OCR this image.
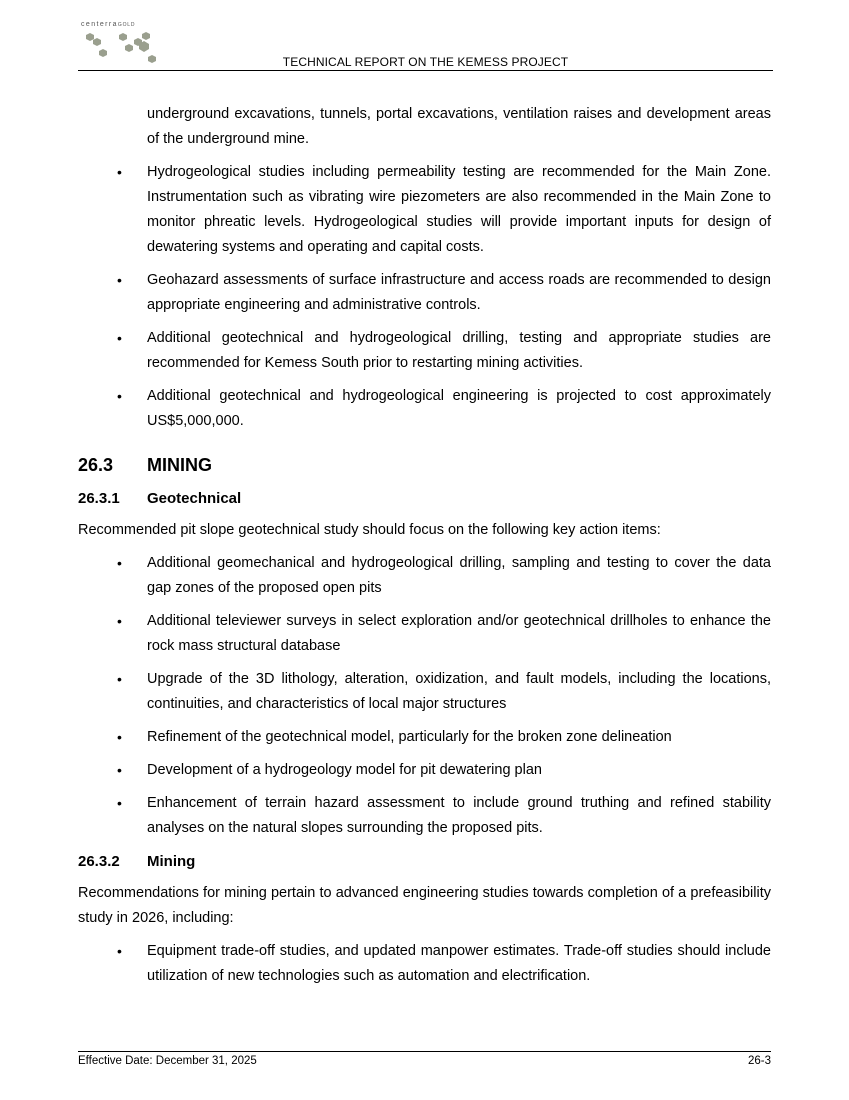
centerraGOLD
TECHNICAL REPORT ON THE KEMESS PROJECT

underground excavations, tunnels, portal excavations, ventilation raises and development areas of the underground mine.

• Hydrogeological studies including permeability testing are recommended for the Main Zone. Instrumentation such as vibrating wire piezometers are also recommended in the Main Zone to monitor phreatic levels. Hydrogeological studies will provide important inputs for design of dewatering systems and operating and capital costs.
• Geohazard assessments of surface infrastructure and access roads are recommended to design appropriate engineering and administrative controls.
• Additional geotechnical and hydrogeological drilling, testing and appropriate studies are recommended for Kemess South prior to restarting mining activities.
• Additional geotechnical and hydrogeological engineering is projected to cost approximately US$5,000,000.
26.3 MINING
26.3.1 Geotechnical

Recommended pit slope geotechnical study should focus on the following key action items:

• Additional geomechanical and hydrogeological drilling, sampling and testing to cover the data gap zones of the proposed open pits
• Additional televiewer surveys in select exploration and/or geotechnical drillholes to enhance the rock mass structural database
• Upgrade of the 3D lithology, alteration, oxidization, and fault models, including the locations, continuities, and characteristics of local major structures
• Refinement of the geotechnical model, particularly for the broken zone delineation
• Development of a hydrogeology model for pit dewatering plan
• Enhancement of terrain hazard assessment to include ground truthing and refined stability analyses on the natural slopes surrounding the proposed pits.
26.3.2 Mining

Recommendations for mining pertain to advanced engineering studies towards completion of a prefeasibility study in 2026, including:

• Equipment trade-off studies, and updated manpower estimates. Trade-off studies should include utilization of new technologies such as automation and electrification.
Effective Date: December 31, 2025	26-3
